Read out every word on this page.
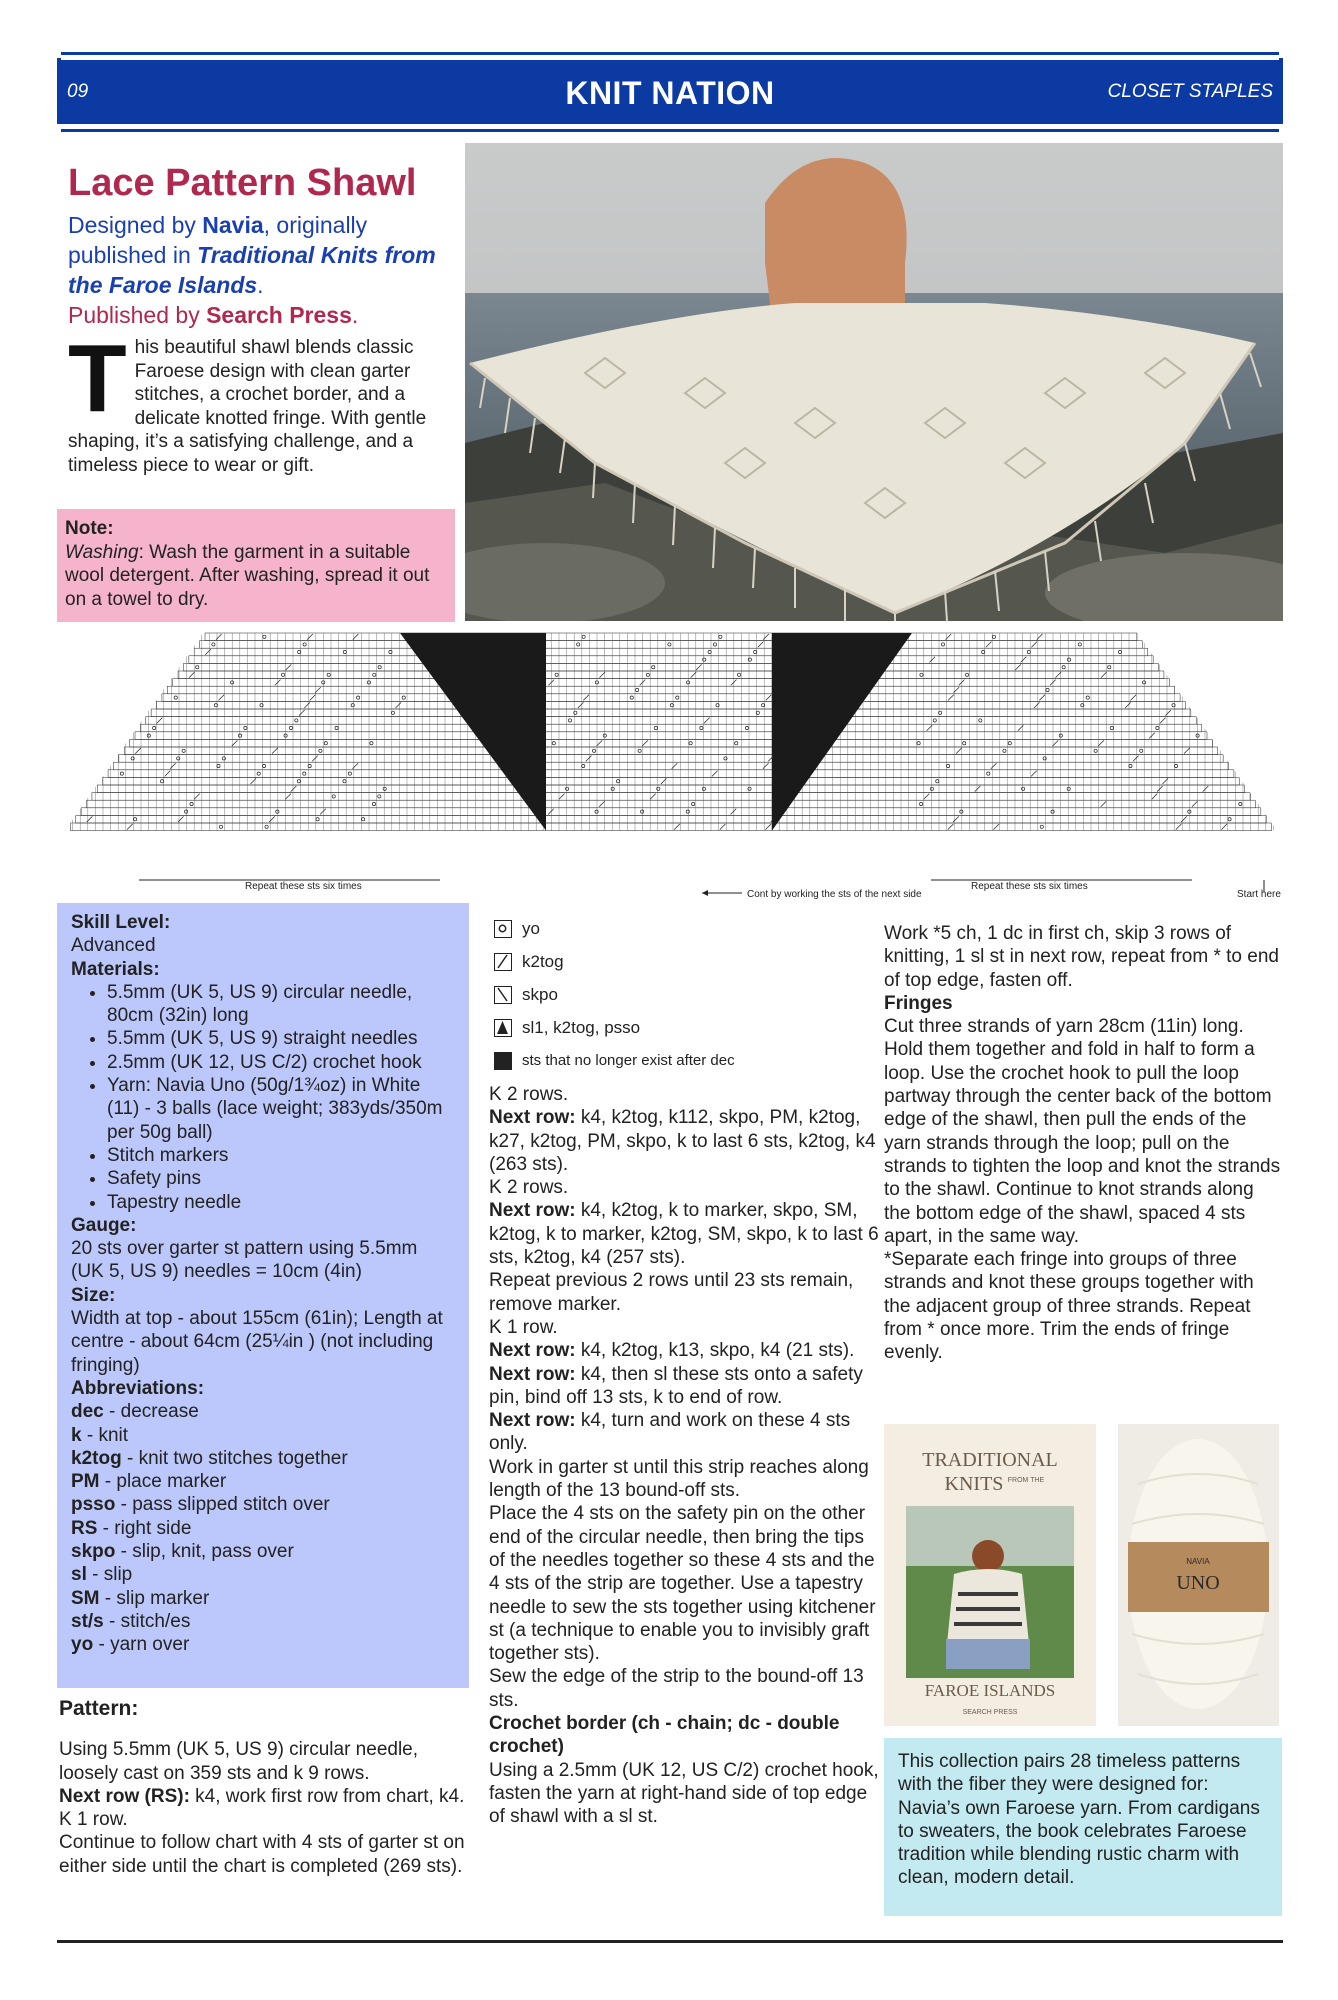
09	KNIT NATION	CLOSET STAPLES
Lace Pattern Shawl
Designed by Navia, originally published in Traditional Knits from the Faroe Islands.
Published by Search Press.
This beautiful shawl blends classic Faroese design with clean garter stitches, a crochet border, and a delicate knotted fringe. With gentle shaping, it’s a satisfying challenge, and a timeless piece to wear or gift.
Note:
Washing: Wash the garment in a suitable wool detergent. After washing, spread it out on a towel to dry.
Repeat these sts six times
Cont by working the sts of the next side
Repeat these sts six times
Start here
Skill Level:
Advanced
Materials:
• 5.5mm (UK 5, US 9) circular needle, 80cm (32in) long
• 5.5mm (UK 5, US 9) straight needles
• 2.5mm (UK 12, US C/2) crochet hook
• Yarn: Navia Uno (50g/1¾oz) in White (11) - 3 balls (lace weight; 383yds/350m per 50g ball)
• Stitch markers
• Safety pins
• Tapestry needle
Gauge:
20 sts over garter st pattern using 5.5mm (UK 5, US 9) needles = 10cm (4in)
Size:
Width at top - about 155cm (61in); Length at centre - about 64cm (25¼in ) (not including fringing)
Abbreviations:
dec - decrease
k - knit
k2tog - knit two stitches together
PM - place marker
psso - pass slipped stitch over
RS - right side
skpo - slip, knit, pass over
sl - slip
SM - slip marker
st/s - stitch/es
yo - yarn over
Pattern:
Using 5.5mm (UK 5, US 9) circular needle, loosely cast on 359 sts and k 9 rows.
Next row (RS): k4, work first row from chart, k4.
K 1 row.
Continue to follow chart with 4 sts of garter st on either side until the chart is completed (269 sts).
yo
k2tog
skpo
sl1, k2tog, psso
sts that no longer exist after dec
K 2 rows.
Next row: k4, k2tog, k112, skpo, PM, k2tog, k27, k2tog, PM, skpo, k to last 6 sts, k2tog, k4 (263 sts).
K 2 rows.
Next row: k4, k2tog, k to marker, skpo, SM, k2tog, k to marker, k2tog, SM, skpo, k to last 6 sts, k2tog, k4 (257 sts).
Repeat previous 2 rows until 23 sts remain, remove marker.
K 1 row.
Next row: k4, k2tog, k13, skpo, k4 (21 sts).
Next row: k4, then sl these sts onto a safety pin, bind off 13 sts, k to end of row.
Next row: k4, turn and work on these 4 sts only.
Work in garter st until this strip reaches along length of the 13 bound-off sts.
Place the 4 sts on the safety pin on the other end of the circular needle, then bring the tips of the needles together so these 4 sts and the 4 sts of the strip are together. Use a tapestry needle to sew the sts together using kitchener st (a technique to enable you to invisibly graft together sts).
Sew the edge of the strip to the bound-off 13 sts.
Crochet border (ch - chain; dc - double crochet)
Using a 2.5mm (UK 12, US C/2) crochet hook, fasten the yarn at right-hand side of top edge of shawl with a sl st.
Work *5 ch, 1 dc in first ch, skip 3 rows of knitting, 1 sl st in next row, repeat from * to end of top edge, fasten off.
Fringes
Cut three strands of yarn 28cm (11in) long. Hold them together and fold in half to form a loop. Use the crochet hook to pull the loop partway through the center back of the bottom edge of the shawl, then pull the ends of the yarn strands through the loop; pull on the strands to tighten the loop and knot the strands to the shawl. Continue to knot strands along the bottom edge of the shawl, spaced 4 sts apart, in the same way.
*Separate each fringe into groups of three strands and knot these groups together with the adjacent group of three strands. Repeat from * once more. Trim the ends of fringe evenly.
TRADITIONAL
KNITS FROM THE
FAROE ISLANDS
SEARCH PRESS
NAVIA
UNO
This collection pairs 28 timeless patterns with the fiber they were designed for: Navia’s own Faroese yarn. From cardigans to sweaters, the book celebrates Faroese tradition while blending rustic charm with clean, modern detail.
